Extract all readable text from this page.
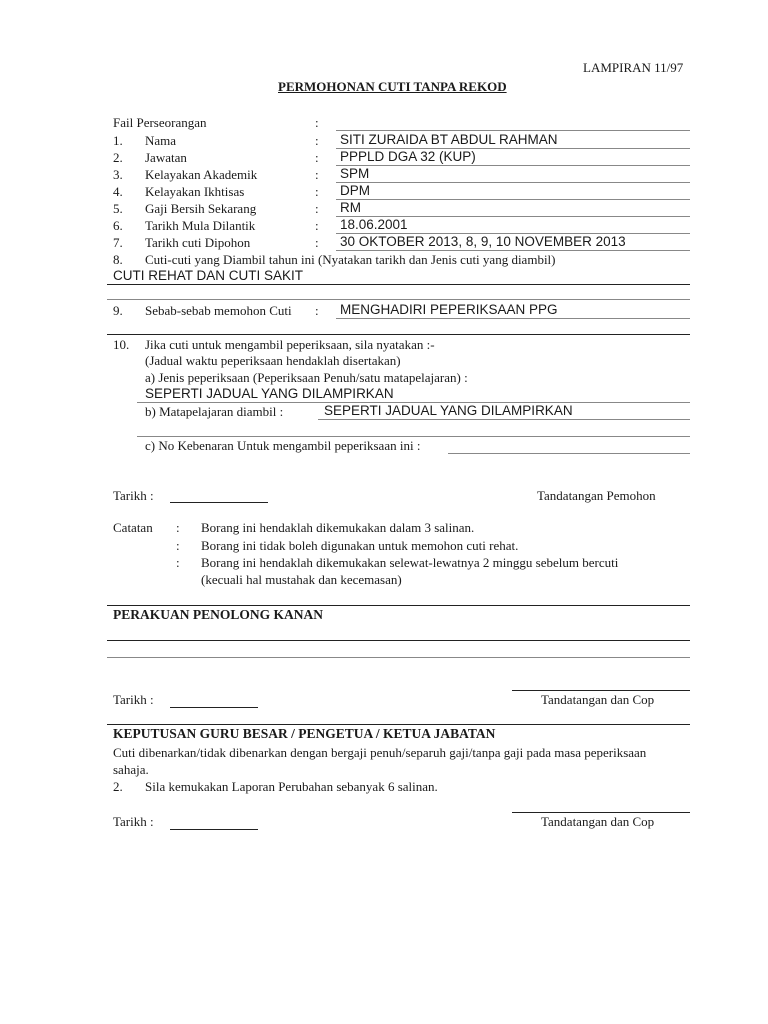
LAMPIRAN 11/97
PERMOHONAN CUTI TANPA REKOD
Fail Perseorangan	:
1. Nama	: SITI ZURAIDA BT ABDUL RAHMAN
2. Jawatan	: PPPLD DGA 32 (KUP)
3. Kelayakan Akademik	: SPM
4. Kelayakan Ikhtisas	: DPM
5. Gaji Bersih Sekarang	: RM
6. Tarikh Mula Dilantik	: 18.06.2001
7. Tarikh cuti Dipohon	: 30 OKTOBER 2013, 8, 9, 10 NOVEMBER 2013
8. Cuti-cuti yang Diambil tahun ini (Nyatakan tarikh dan Jenis cuti yang diambil)
CUTI REHAT DAN CUTI SAKIT
9. Sebab-sebab memohon Cuti : MENGHADIRI PEPERIKSAAN PPG
10. Jika cuti untuk mengambil peperiksaan, sila nyatakan :-
(Jadual waktu peperiksaan hendaklah disertakan)
a) Jenis peperiksaan (Peperiksaan Penuh/satu matapelajaran) :
SEPERTI JADUAL YANG DILAMPIRKAN
b) Matapelajaran diambil :	SEPERTI JADUAL YANG DILAMPIRKAN
c) No Kebenaran Untuk mengambil peperiksaan ini :
Tarikh :	Tandatangan Pemohon
Catatan : Borang ini hendaklah dikemukakan dalam 3 salinan.
: Borang ini tidak boleh digunakan untuk memohon cuti rehat.
: Borang ini hendaklah dikemukakan selewat-lewatnya 2 minggu sebelum bercuti
(kecuali hal mustahak dan kecemasan)
PERAKUAN PENOLONG KANAN
Tarikh :	Tandatangan dan Cop
KEPUTUSAN GURU BESAR / PENGETUA / KETUA JABATAN
Cuti dibenarkan/tidak dibenarkan dengan bergaji penuh/separuh gaji/tanpa gaji pada masa peperiksaan
sahaja.
2. Sila kemukakan Laporan Perubahan sebanyak 6 salinan.
Tarikh :	Tandatangan dan Cop
